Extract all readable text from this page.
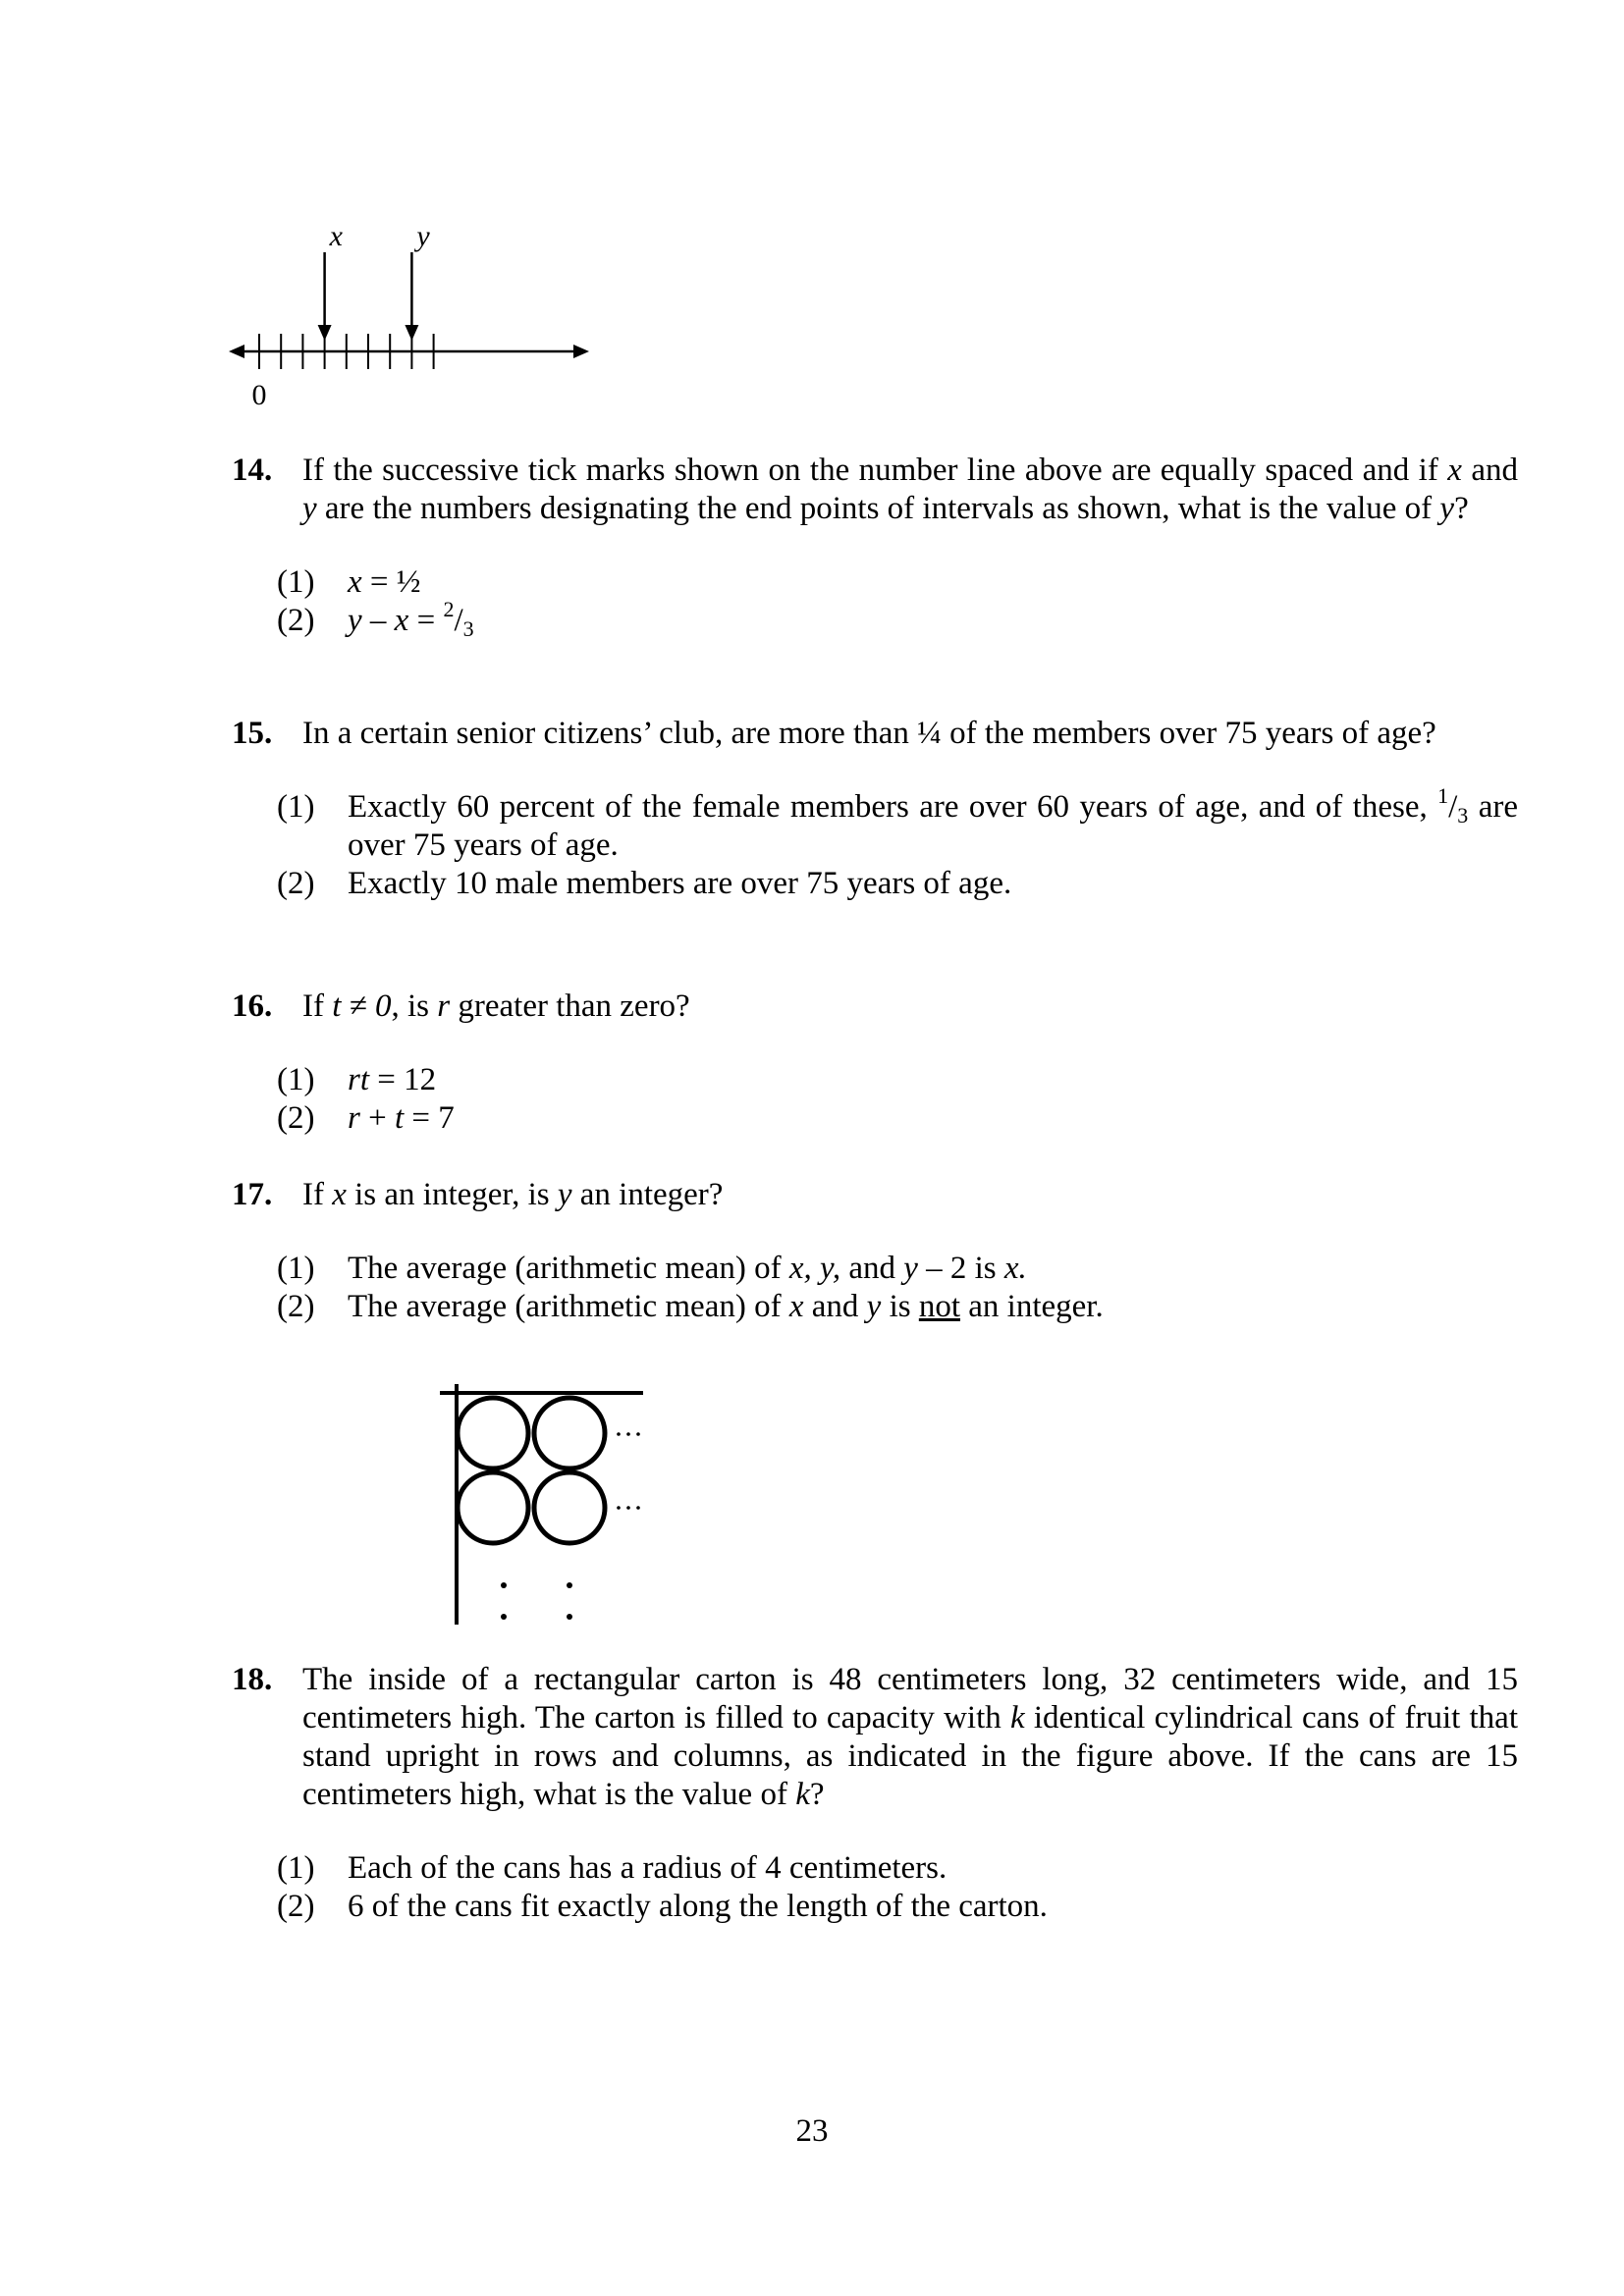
x	y
0
14. If the successive tick marks shown on the number line above are equally spaced and if x and y are the numbers designating the end points of intervals as shown, what is the value of y?
(1) x = ½
(2) $y - x = ^2/_3$
15. In a certain senior citizens’ club, are more than ¼ of the members over 75 years of age?
(1) Exactly 60 percent of the female members are over 60 years of age, and of these, $^1/_3$ are over 75 years of age.
(2) Exactly 10 male members are over 75 years of age.
16. If t ≠ 0, is r greater than zero?
(1) rt = 12
(2) r + t = 7
17. If x is an integer, is y an integer?
(1) The average (arithmetic mean) of x, y, and y – 2 is x.
(2) The average (arithmetic mean) of x and y is not an integer.
18. The inside of a rectangular carton is 48 centimeters long, 32 centimeters wide, and 15 centimeters high. The carton is filled to capacity with k identical cylindrical cans of fruit that stand upright in rows and columns, as indicated in the figure above. If the cans are 15 centimeters high, what is the value of k?
(1) Each of the cans has a radius of 4 centimeters.
(2) 6 of the cans fit exactly along the length of the carton.
23
